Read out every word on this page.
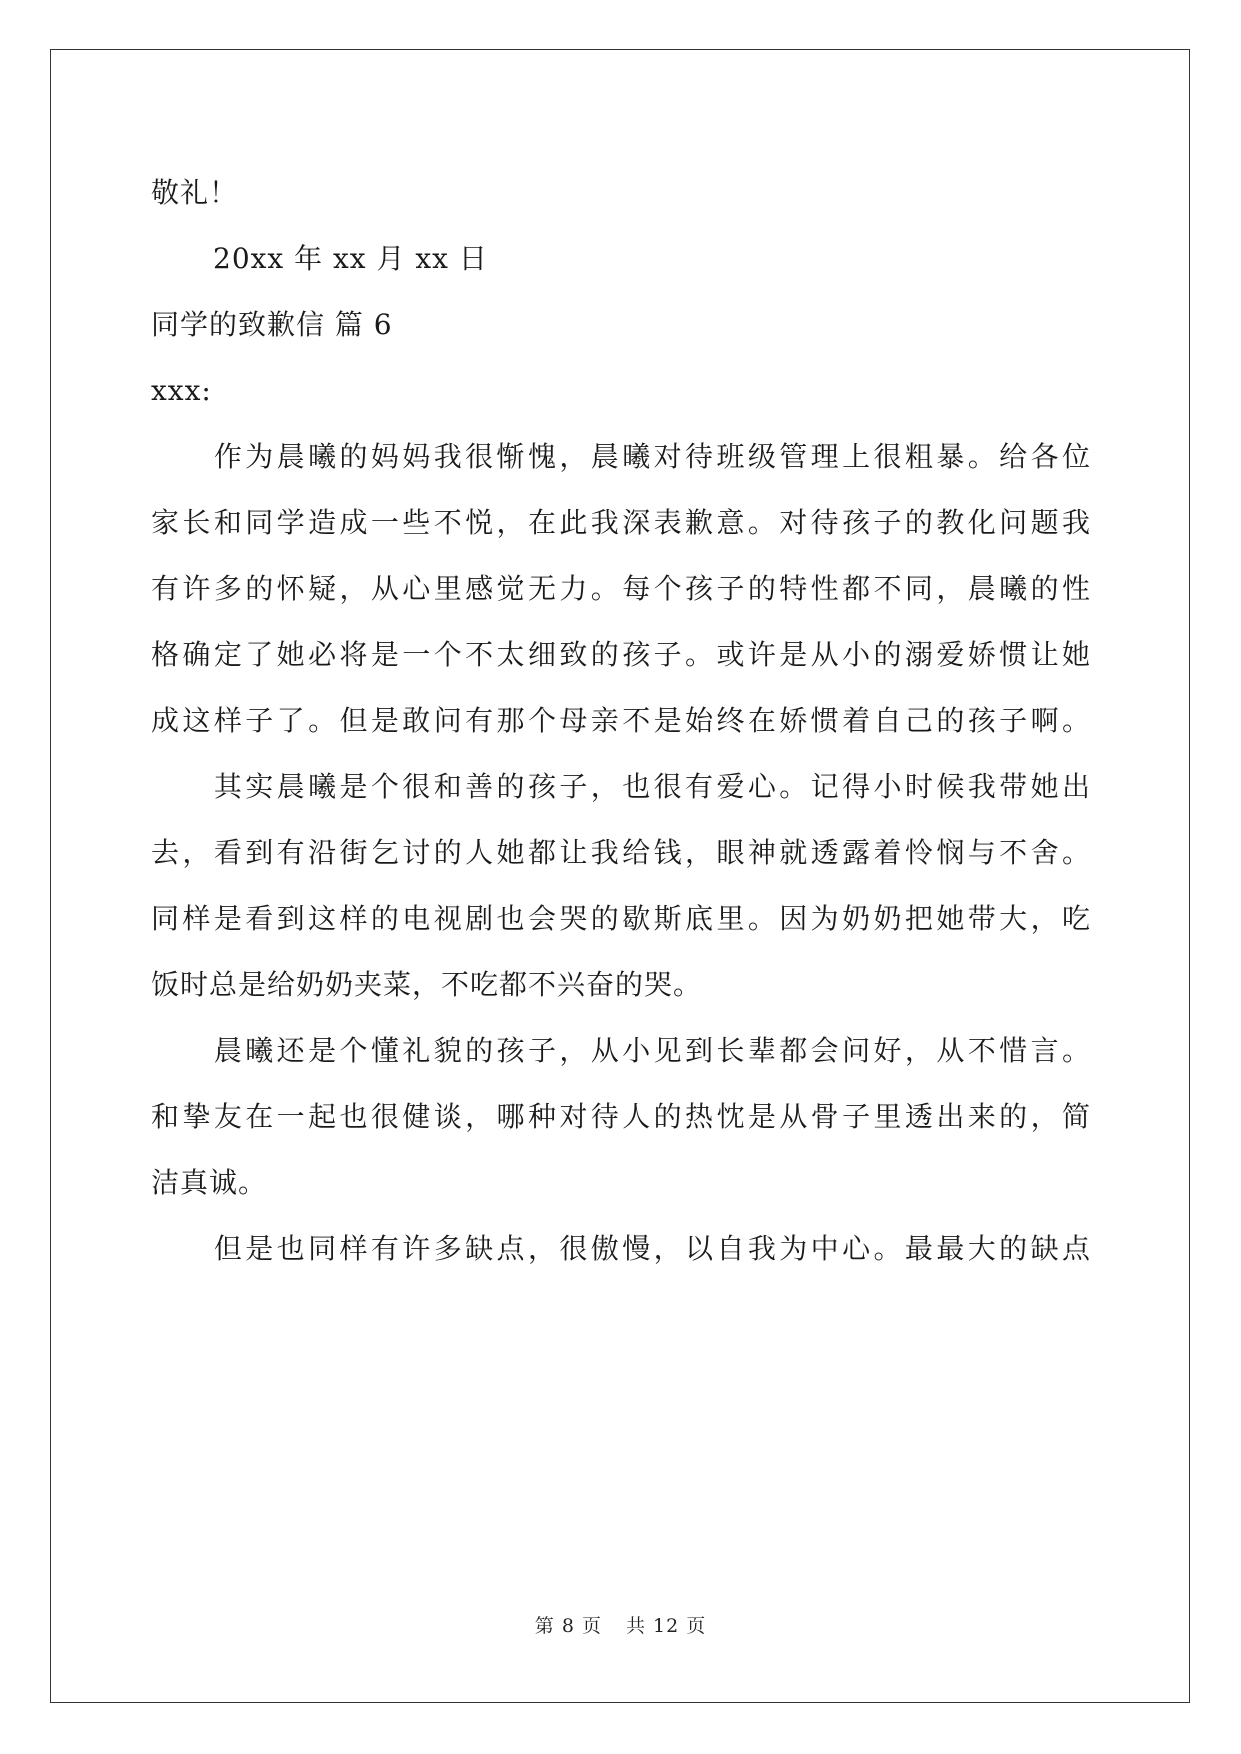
敬礼！

20xx 年 xx 月 xx 日

同学的致歉信 篇 6

xxx:

　　作为晨曦的妈妈我很惭愧，晨曦对待班级管理上很粗暴。给各位

家长和同学造成一些不悦，在此我深表歉意。对待孩子的教化问题我

有许多的怀疑，从心里感觉无力。每个孩子的特性都不同，晨曦的性

格确定了她必将是一个不太细致的孩子。或许是从小的溺爱娇惯让她

成这样子了。但是敢问有那个母亲不是始终在娇惯着自己的孩子啊。

　　其实晨曦是个很和善的孩子，也很有爱心。记得小时候我带她出

去，看到有沿街乞讨的人她都让我给钱，眼神就透露着怜悯与不舍。

同样是看到这样的电视剧也会哭的歇斯底里。因为奶奶把她带大，吃

饭时总是给奶奶夹菜，不吃都不兴奋的哭。

　　晨曦还是个懂礼貌的孩子，从小见到长辈都会问好，从不惜言。

和挚友在一起也很健谈，哪种对待人的热忱是从骨子里透出来的，简

洁真诚。

　　但是也同样有许多缺点，很傲慢，以自我为中心。最最大的缺点

第 8 页 共 12 页
